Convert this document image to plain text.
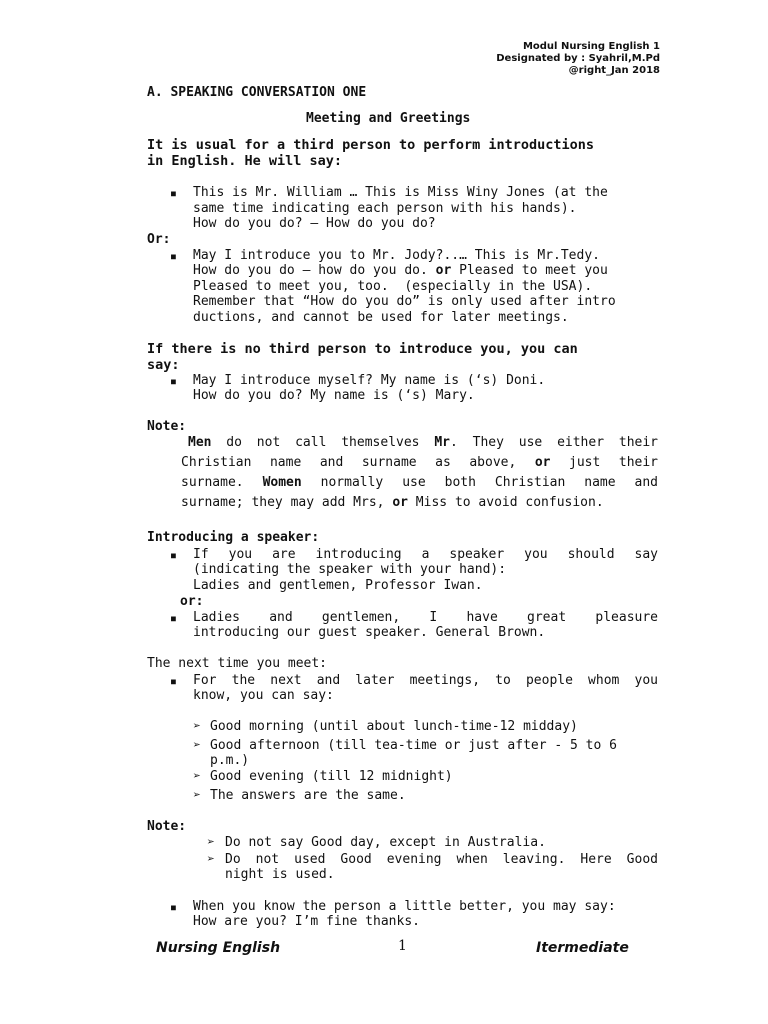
Modul Nursing English 1
Designated by : Syahril,M.Pd
@right_Jan 2018
A. SPEAKING CONVERSATION ONE
Meeting and Greetings
It is usual for a third person to perform introductions
in English. He will say:
■ This is Mr. William … This is Miss Winy Jones (at the
same time indicating each person with his hands).
How do you do? – How do you do?
Or:
■ May I introduce you to Mr. Jody?..… This is Mr.Tedy.
How do you do – how do you do. or Pleased to meet you
Pleased to meet you, too.  (especially in the USA).
Remember that “How do you do” is only used after intro
ductions, and cannot be used for later meetings.
If there is no third person to introduce you, you can
say:
■ May I introduce myself? My name is (‘s) Doni.
How do you do? My name is (‘s) Mary.
Note:
Men do not call themselves Mr. They use either their
Christian name and surname as above, or just their
surname. Women normally use both Christian name and
surname; they may add Mrs, or Miss to avoid confusion.
Introducing a speaker:
■ If you are introducing a speaker you should say
(indicating the speaker with your hand):
Ladies and gentlemen, Professor Iwan.
or:
■ Ladies and gentlemen, I have great pleasure
introducing our guest speaker. General Brown.
The next time you meet:
■ For the next and later meetings, to people whom you
know, you can say:
➢ Good morning (until about lunch-time-12 midday)
➢ Good afternoon (till tea-time or just after - 5 to 6
p.m.)
➢ Good evening (till 12 midnight)
➢ The answers are the same.
Note:
➢ Do not say Good day, except in Australia.
➢ Do not used Good evening when leaving. Here Good
night is used.
■ When you know the person a little better, you may say:
How are you? I’m fine thanks.
Nursing English	1	Itermediate
